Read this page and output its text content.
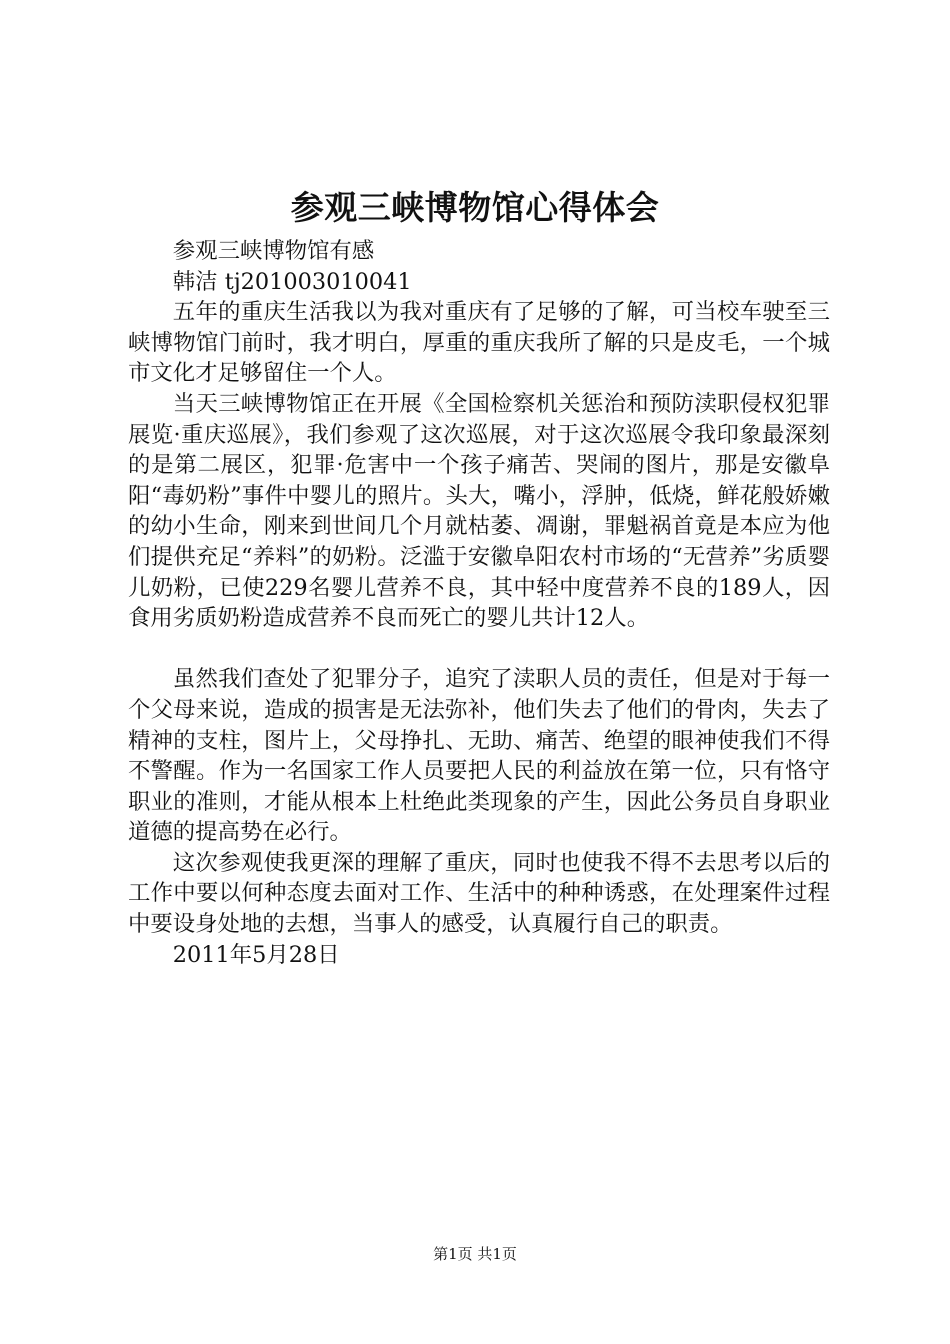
参观三峡博物馆心得体会

参观三峡博物馆有感

韩洁 tj201003010041

五年的重庆生活我以为我对重庆有了足够的了解，可当校车驶至三峡博物馆门前时，我才明白，厚重的重庆我所了解的只是皮毛，一个城市文化才足够留住一个人。

当天三峡博物馆正在开展《全国检察机关惩治和预防渎职侵权犯罪展览·重庆巡展》，我们参观了这次巡展，对于这次巡展令我印象最深刻的是第二展区，犯罪·危害中一个孩子痛苦、哭闹的图片，那是安徽阜阳“毒奶粉”事件中婴儿的照片。头大，嘴小，浮肿，低烧，鲜花般娇嫩的幼小生命，刚来到世间几个月就枯萎、凋谢，罪魁祸首竟是本应为他们提供充足“养料”的奶粉。泛滥于安徽阜阳农村市场的“无营养”劣质婴儿奶粉，已使229名婴儿营养不良，其中轻中度营养不良的189人，因食用劣质奶粉造成营养不良而死亡的婴儿共计12人。

虽然我们查处了犯罪分子，追究了渎职人员的责任，但是对于每一个父母来说，造成的损害是无法弥补，他们失去了他们的骨肉，失去了精神的支柱，图片上，父母挣扎、无助、痛苦、绝望的眼神使我们不得不警醒。作为一名国家工作人员要把人民的利益放在第一位，只有恪守职业的准则，才能从根本上杜绝此类现象的产生，因此公务员自身职业道德的提高势在必行。

这次参观使我更深的理解了重庆，同时也使我不得不去思考以后的工作中要以何种态度去面对工作、生活中的种种诱惑，在处理案件过程中要设身处地的去想，当事人的感受，认真履行自己的职责。

2011年5月28日

第1页 共1页
